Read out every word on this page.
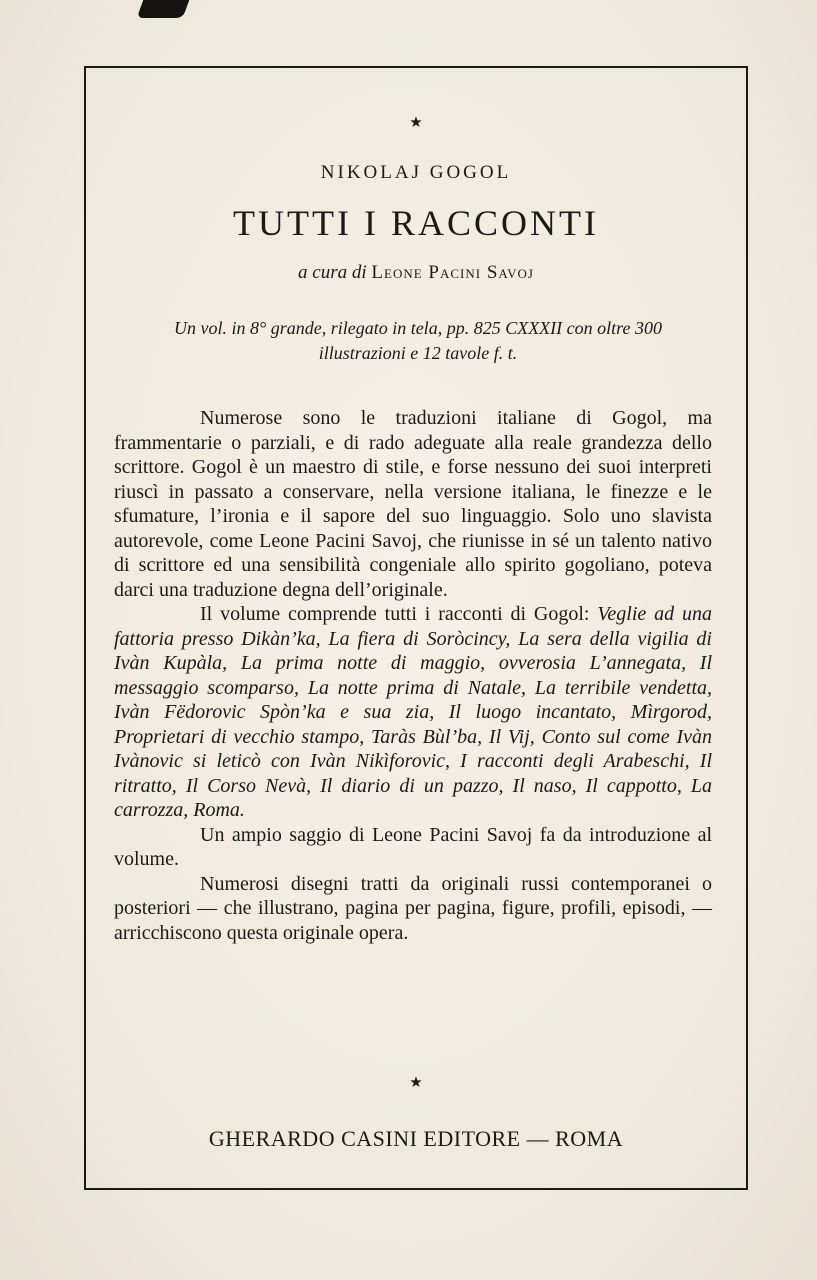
★
NIKOLAJ GOGOL
TUTTI I RACCONTI
a cura di Leone Pacini Savoj
Un vol. in 8° grande, rilegato in tela, pp. 825 CXXXII con oltre 300 illustrazioni e 12 tavole f. t.

Numerose sono le traduzioni italiane di Gogol, ma frammentarie o parziali, e di rado adeguate alla reale grandezza dello scrittore. Gogol è un maestro di stile, e forse nessuno dei suoi interpreti riuscì in passato a conservare, nella versione italiana, le finezze e le sfumature, l’ironia e il sapore del suo linguaggio. Solo uno slavista autorevole, come Leone Pacini Savoj, che riunisse in sé un talento nativo di scrittore ed una sensibilità congeniale allo spirito gogoliano, poteva darci una traduzione degna dell’originale.

Il volume comprende tutti i racconti di Gogol: Veglie ad una fattoria presso Dikàn’ka, La fiera di Soròcincy, La sera della vigilia di Ivàn Kupàla, La prima notte di maggio, ovverosia L’annegata, Il messaggio scomparso, La notte prima di Natale, La terribile vendetta, Ivàn Fëdorovic Spòn’ka e sua zia, Il luogo incantato, Mìrgorod, Proprietari di vecchio stampo, Taràs Bùl’ba, Il Vij, Conto sul come Ivàn Ivànovic si leticò con Ivàn Nikìforovic, I racconti degli Arabeschi, Il ritratto, Il Corso Nevà, Il diario di un pazzo, Il naso, Il cappotto, La carrozza, Roma.

Un ampio saggio di Leone Pacini Savoj fa da introduzione al volume.

Numerosi disegni tratti da originali russi contemporanei o posteriori — che illustrano, pagina per pagina, figure, profili, episodi, — arricchiscono questa originale opera.

★
GHERARDO CASINI EDITORE — ROMA
